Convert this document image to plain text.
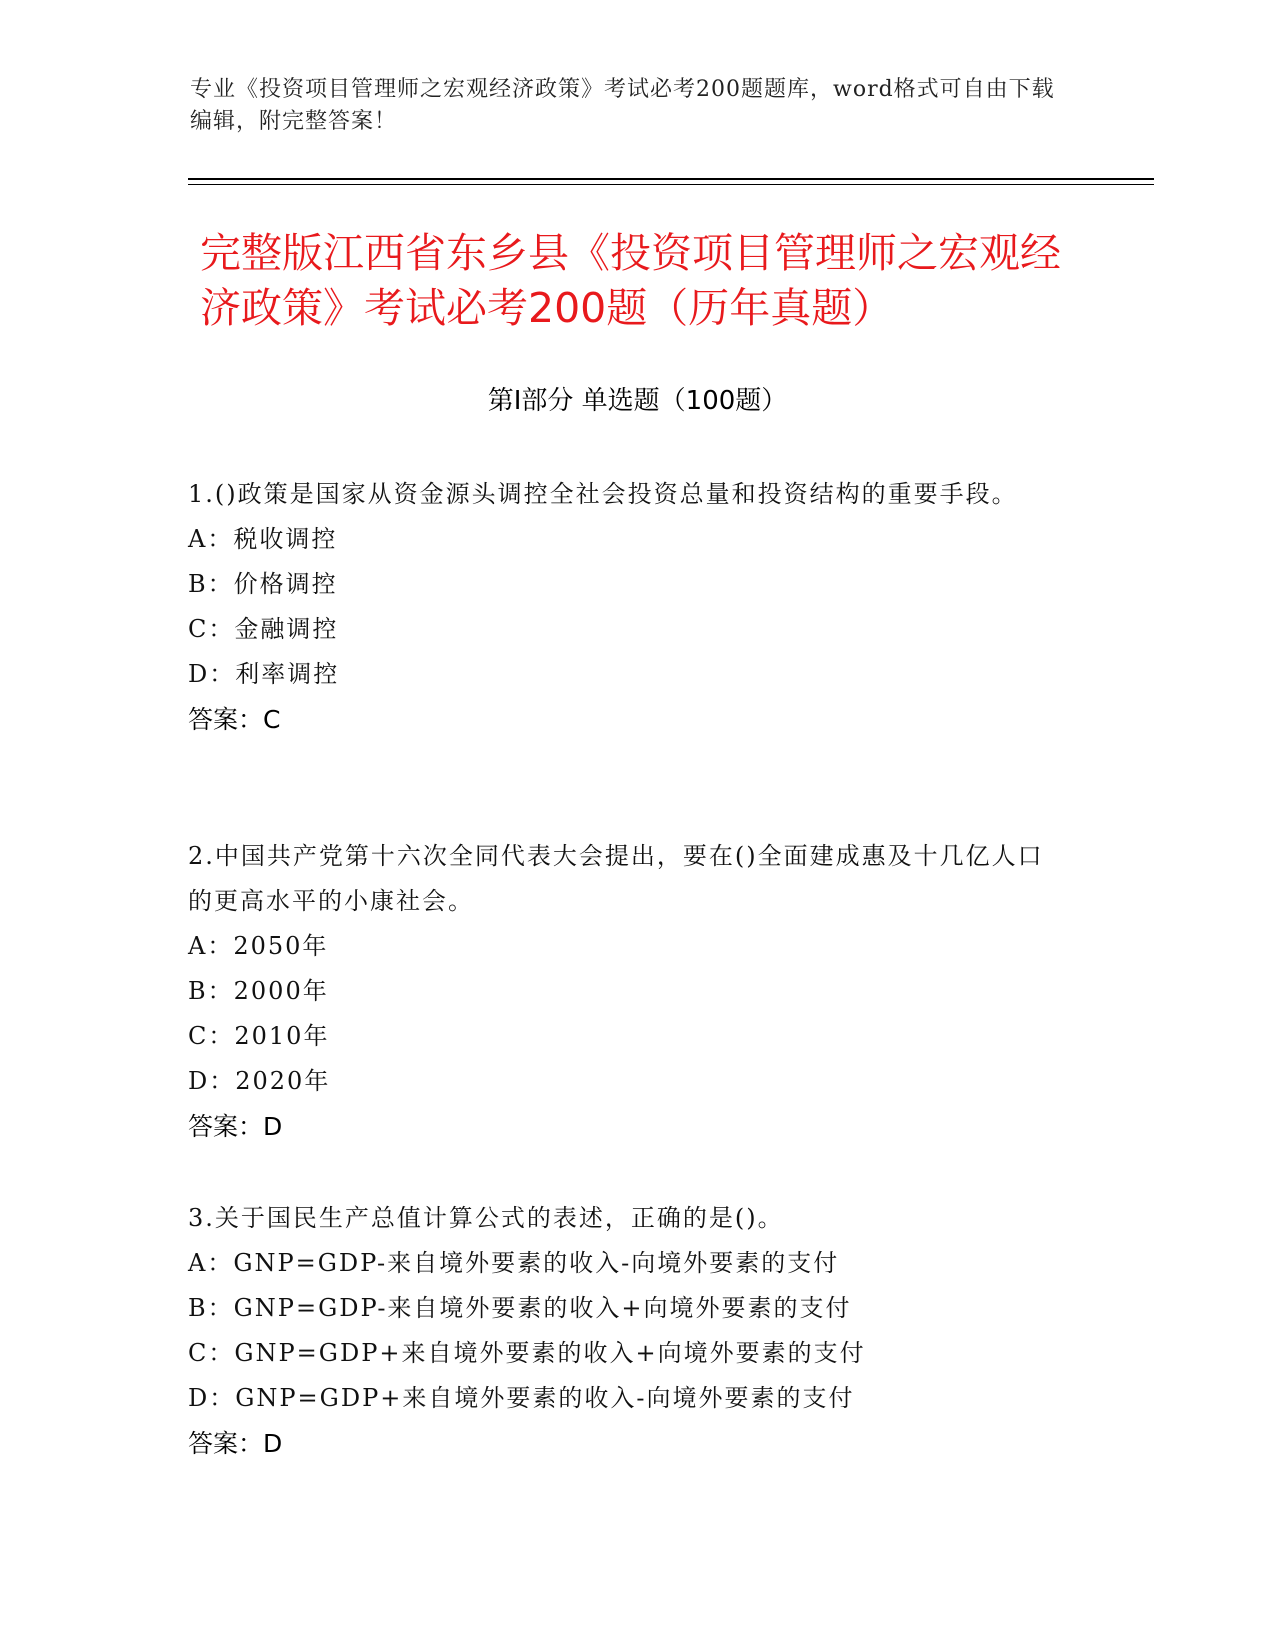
专业《投资项目管理师之宏观经济政策》考试必考200题题库，word格式可自由下载编辑，附完整答案！
完整版江西省东乡县《投资项目管理师之宏观经济政策》考试必考200题（历年真题）
第Ⅰ部分 单选题（100题）

1.()政策是国家从资金源头调控全社会投资总量和投资结构的重要手段。

A：税收调控

B：价格调控

C：金融调控

D：利率调控

答案：C

2.中国共产党第十六次全同代表大会提出，要在()全面建成惠及十几亿人口的更高水平的小康社会。

A：2050年

B：2000年

C：2010年

D：2020年

答案：D

3.关于国民生产总值计算公式的表述，正确的是()。

A：GNP=GDP-来自境外要素的收入-向境外要素的支付

B：GNP=GDP-来自境外要素的收入+向境外要素的支付

C：GNP=GDP+来自境外要素的收入+向境外要素的支付

D：GNP=GDP+来自境外要素的收入-向境外要素的支付

答案：D
